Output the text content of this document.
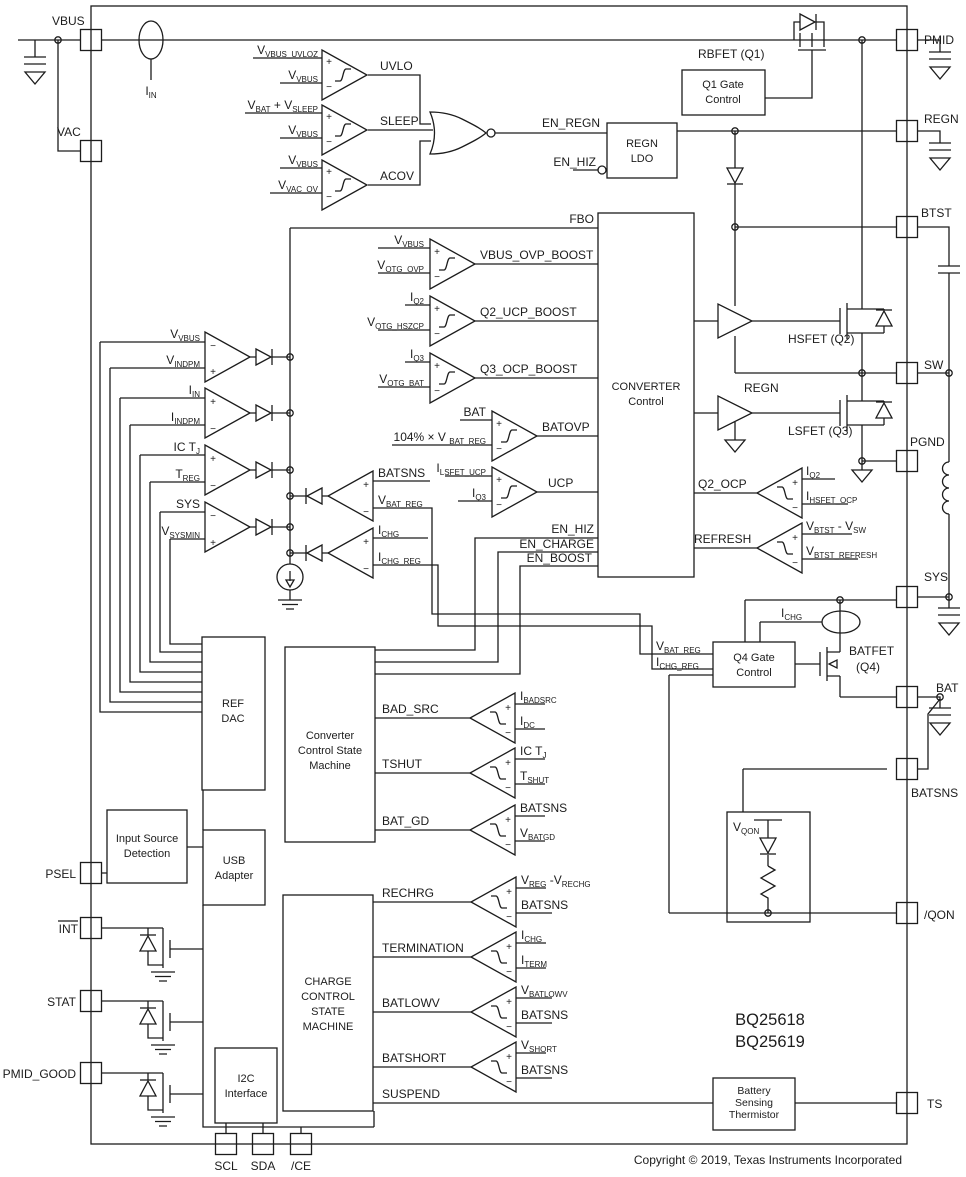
VBUS
VAC
PSEL
INT
STAT
PMID_GOOD
PMID
REGN
BTST
SW
PGND
SYS
BAT
BATSNS
/QON
TS
SCL SDA /CE
UVLO
SLEEP
ACOV
EN_REGN
EN_HIZ
FBO
VBUS_OVP_BOOST
Q2_UCP_BOOST
Q3_OCP_BOOST
BATOVP
UCP
EN_HIZ
EN_CHARGE
EN_BOOST
Q2_OCP
REFRESH
BAD_SRC
TSHUT
BAT_GD
RECHRG
TERMINATION
BATLOWV
BATSHORT
SUSPEND
RBFET (Q1)
HSFET (Q2)
LSFET (Q3)
BATFET
(Q4)
REGN
$I_{IN}$
$V_{VBUS\_UVLOZ}$
$V_{VBUS}$
$V_{BAT} + V_{SLEEP}$
$V_{VBUS}$
$V_{VBUS}$
$V_{VAC\_OV}$
$V_{VBUS}$
$V_{OTG\_OVP}$
$I_{Q2}$
$V_{OTG\_HSZCP}$
$I_{Q3}$
$V_{OTG\_BAT}$
BAT
104% × V $_{BAT\_REG}$
$I_{LSFET\_UCP}$
$I_{Q3}$
$V_{VBUS}$
$V_{INDPM}$
$I_{IN}$
$I_{INDPM}$
IC $T_J$
$T_{REG}$
SYS
$V_{SYSMIN}$
BATSNS
$V_{BAT\_REG}$
$I_{CHG}$
$I_{CHG\_REG}$
$I_{Q2}$
$I_{HSFET\_OCP}$
$V_{BTST} - V_{SW}$
$V_{BTST\_REFRESH}$
$I_{BADSRC}$
$I_{DC}$
IC $T_J$
$T_{SHUT}$
BATSNS
$V_{BATGD}$
$V_{REG}$ $-V_{RECHG}$
BATSNS
$I_{CHG}$
$I_{TERM}$
$V_{BATLOWV}$
BATSNS
$V_{SHORT}$
BATSNS
$V_{BAT\_REG}$
$I_{CHG\_REG}$
$I_{CHG}$
$V_{QON}$
+
−
+
−
+
−
+
−
+
−
+
−
+
−
+
−
−
+
+
−
+
−
−
+
+
−
+
−
+
−
+
−
+
−
+
−
+
−
+
−
+
−
+
−
+
−
Q1 Gate
Control
REGN
LDO
CONVERTER
Control
REF
DAC
Converter
Control State
Machine
CHARGE
CONTROL
STATE
MACHINE
Input Source
Detection
USB
Adapter
I2C
Interface
Q4 Gate
Control
Battery
Sensing
Thermistor
BQ25618
BQ25619
Copyright © 2019, Texas Instruments Incorporated
